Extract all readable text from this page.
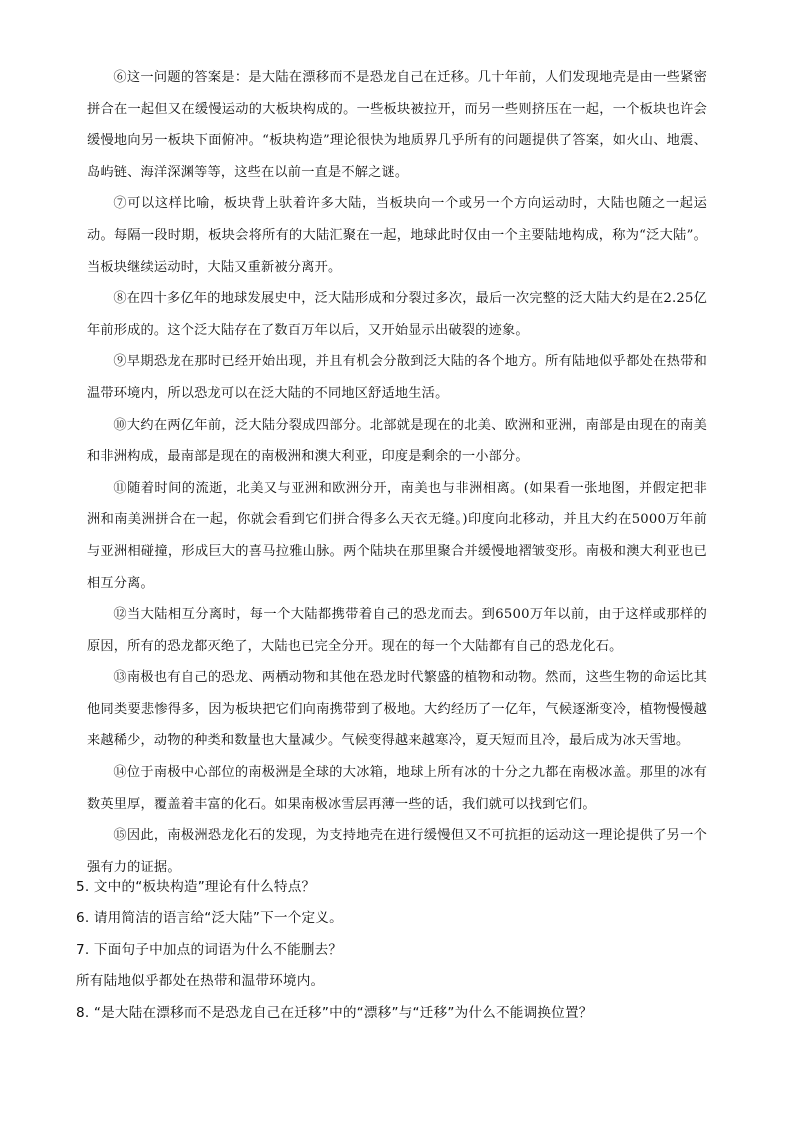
⑥这一问题的答案是：是大陆在漂移而不是恐龙自己在迁移。几十年前，人们发现地壳是由一些紧密拼合在一起但又在缓慢运动的大板块构成的。一些板块被拉开，而另一些则挤压在一起，一个板块也许会缓慢地向另一板块下面俯冲。“板块构造”理论很快为地质界几乎所有的问题提供了答案，如火山、地震、岛屿链、海洋深渊等等，这些在以前一直是不解之谜。

⑦可以这样比喻，板块背上驮着许多大陆，当板块向一个或另一个方向运动时，大陆也随之一起运动。每隔一段时期，板块会将所有的大陆汇聚在一起，地球此时仅由一个主要陆地构成，称为“泛大陆”。当板块继续运动时，大陆又重新被分离开。

⑧在四十多亿年的地球发展史中，泛大陆形成和分裂过多次，最后一次完整的泛大陆大约是在2.25亿年前形成的。这个泛大陆存在了数百万年以后，又开始显示出破裂的迹象。

⑨早期恐龙在那时已经开始出现，并且有机会分散到泛大陆的各个地方。所有陆地似乎都处在热带和温带环境内，所以恐龙可以在泛大陆的不同地区舒适地生活。

⑩大约在两亿年前，泛大陆分裂成四部分。北部就是现在的北美、欧洲和亚洲，南部是由现在的南美和非洲构成，最南部是现在的南极洲和澳大利亚，印度是剩余的一小部分。

⑪随着时间的流逝，北美又与亚洲和欧洲分开，南美也与非洲相离。(如果看一张地图，并假定把非洲和南美洲拼合在一起，你就会看到它们拼合得多么天衣无缝。)印度向北移动，并且大约在5000万年前与亚洲相碰撞，形成巨大的喜马拉雅山脉。两个陆块在那里聚合并缓慢地褶皱变形。南极和澳大利亚也已相互分离。

⑫当大陆相互分离时，每一个大陆都携带着自己的恐龙而去。到6500万年以前，由于这样或那样的原因，所有的恐龙都灭绝了，大陆也已完全分开。现在的每一个大陆都有自己的恐龙化石。

⑬南极也有自己的恐龙、两栖动物和其他在恐龙时代繁盛的植物和动物。然而，这些生物的命运比其他同类要悲惨得多，因为板块把它们向南携带到了极地。大约经历了一亿年，气候逐渐变冷，植物慢慢越来越稀少，动物的种类和数量也大量减少。气候变得越来越寒冷，夏天短而且冷，最后成为冰天雪地。

⑭位于南极中心部位的南极洲是全球的大冰箱，地球上所有冰的十分之九都在南极冰盖。那里的冰有数英里厚，覆盖着丰富的化石。如果南极冰雪层再薄一些的话，我们就可以找到它们。

⑮因此，南极洲恐龙化石的发现，为支持地壳在进行缓慢但又不可抗拒的运动这一理论提供了另一个强有力的证据。

5. 文中的“板块构造”理论有什么特点？

6. 请用简洁的语言给“泛大陆”下一个定义。

7. 下面句子中加点的词语为什么不能删去？

所有陆地似乎都处在热带和温带环境内。

8. “是大陆在漂移而不是恐龙自己在迁移”中的“漂移”与“迁移”为什么不能调换位置？
